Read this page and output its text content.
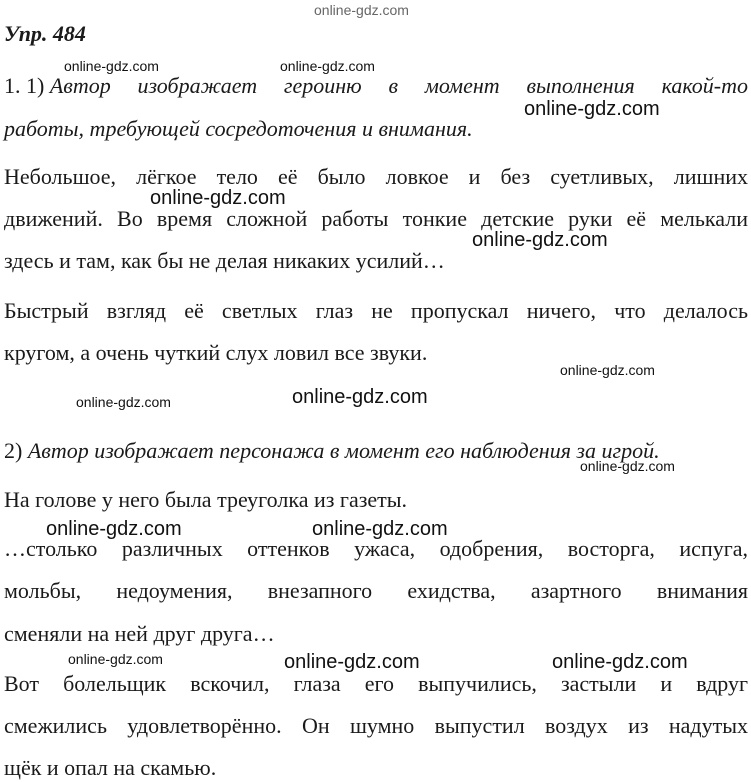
online-gdz.com
Упр. 484
online-gdz.com	online-gdz.com
1. 1) Автор изображает героиню в момент выполнения какой-то
online-gdz.com
работы, требующей сосредоточения и внимания.
Небольшое, лёгкое тело её было ловкое и без суетливых, лишних
online-gdz.com
движений. Во время сложной работы тонкие детские руки её мелькали
online-gdz.com
здесь и там, как бы не делая никаких усилий…
Быстрый взгляд её светлых глаз не пропускал ничего, что делалось
кругом, а очень чуткий слух ловил все звуки.
online-gdz.com
online-gdz.com	online-gdz.com
2) Автор изображает персонажа в момент его наблюдения за игрой.
online-gdz.com
На голове у него была треуголка из газеты.
online-gdz.com	online-gdz.com
…столько различных оттенков ужаса, одобрения, восторга, испуга,
мольбы, недоумения, внезапного ехидства, азартного внимания
сменяли на ней друг друга…
online-gdz.com	online-gdz.com	online-gdz.com
Вот болельщик вскочил, глаза его выпучились, застыли и вдруг
смежились удовлетворённо. Он шумно выпустил воздух из надутых
щёк и опал на скамью.
